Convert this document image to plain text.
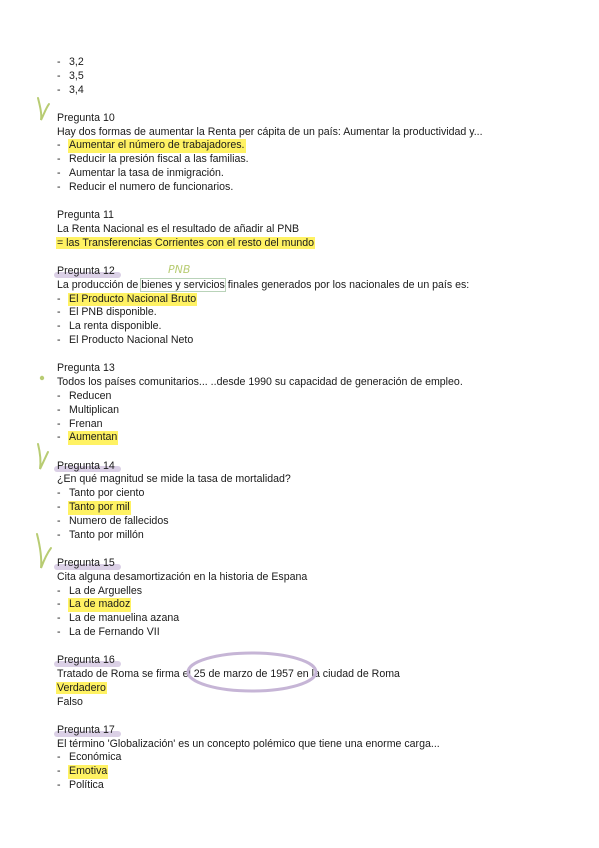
- 3,2
- 3,5
- 3,4
Pregunta 10
Hay dos formas de aumentar la Renta per cápita de un país: Aumentar la productividad y...
- Aumentar el número de trabajadores.
- Reducir la presión fiscal a las familias.
- Aumentar la tasa de inmigración.
- Reducir el numero de funcionarios.
Pregunta 11
La Renta Nacional es el resultado de añadir al PNB
= las Transferencias Corrientes con el resto del mundo
Pregunta 12
La producción de bienes y servicios finales generados por los nacionales de un país es:
- El Producto Nacional Bruto
- El PNB disponible.
- La renta disponible.
- El Producto Nacional Neto
Pregunta 13
Todos los países comunitarios... ..desde 1990 su capacidad de generación de empleo.
- Reducen
- Multiplican
- Frenan
- Aumentan
Pregunta 14
¿En qué magnitud se mide la tasa de mortalidad?
- Tanto por ciento
- Tanto por mil
- Numero de fallecidos
- Tanto por millón
Pregunta 15
Cita alguna desamortización en la historia de Espana
- La de Arguelles
- La de madoz
- La de manuelina azana
- La de Fernando VII
Pregunta 16
Tratado de Roma se firma el 25 de marzo de 1957 en la ciudad de Roma
Verdadero
Falso
Pregunta 17
El término 'Globalización' es un concepto polémico que tiene una enorme carga...
- Económica
- Emotiva
- Política
PNB
